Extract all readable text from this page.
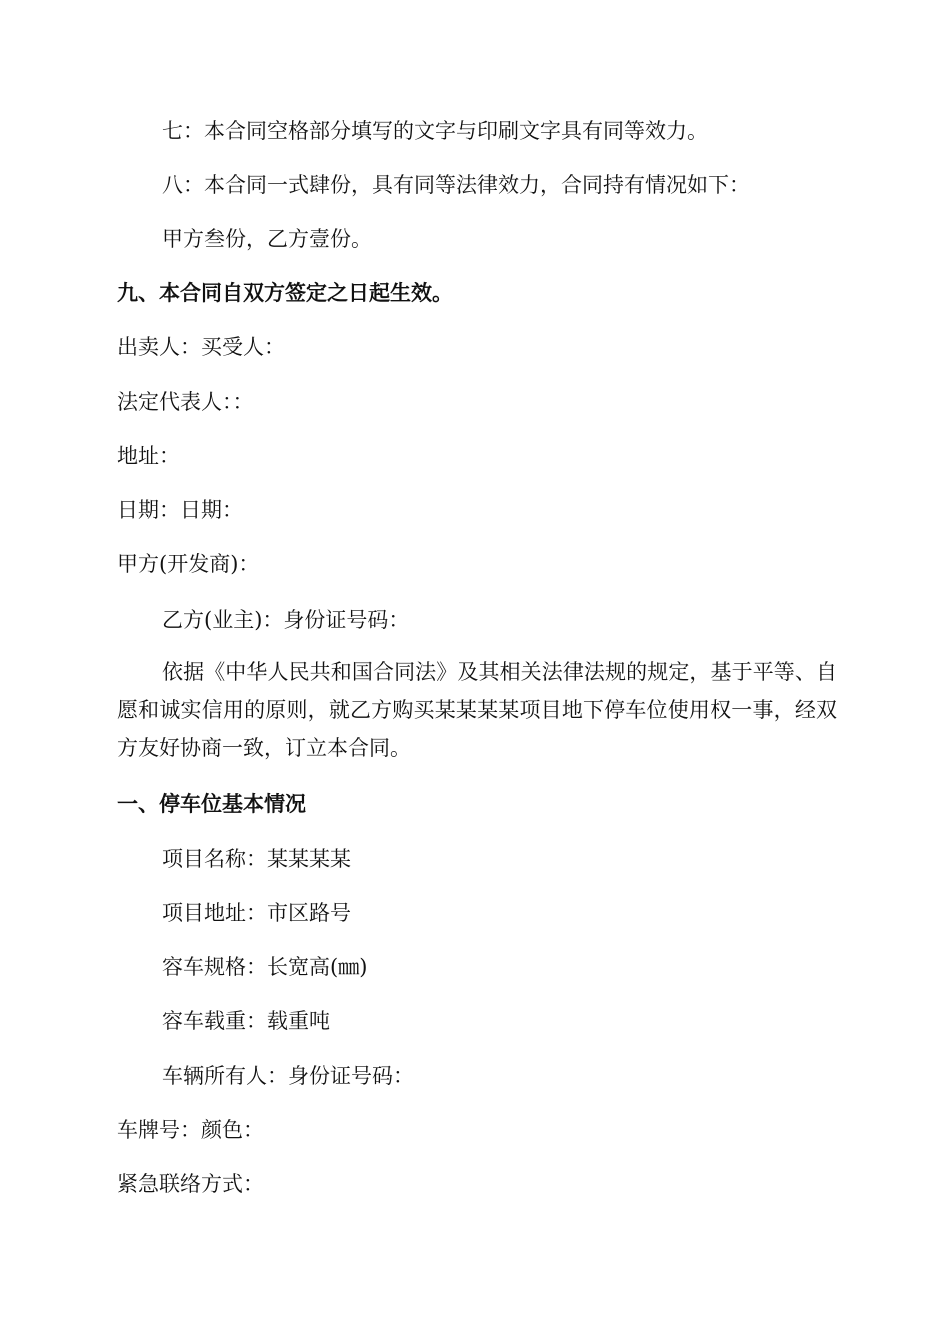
七：本合同空格部分填写的文字与印刷文字具有同等效力。
八：本合同一式肆份，具有同等法律效力，合同持有情况如下：
甲方叁份，乙方壹份。
九、本合同自双方签定之日起生效。
出卖人：买受人：
法定代表人：：
地址：
日期：日期：
甲方(开发商)：
乙方(业主)：身份证号码：
依据《中华人民共和国合同法》及其相关法律法规的规定，基于平等、自愿和诚实信用的原则，就乙方购买某某某某项目地下停车位使用权一事，经双方友好协商一致，订立本合同。
一、停车位基本情况
项目名称：某某某某
项目地址：市区路号
容车规格：长宽高(㎜)
容车载重：载重吨
车辆所有人：身份证号码：
车牌号：颜色：
紧急联络方式：
